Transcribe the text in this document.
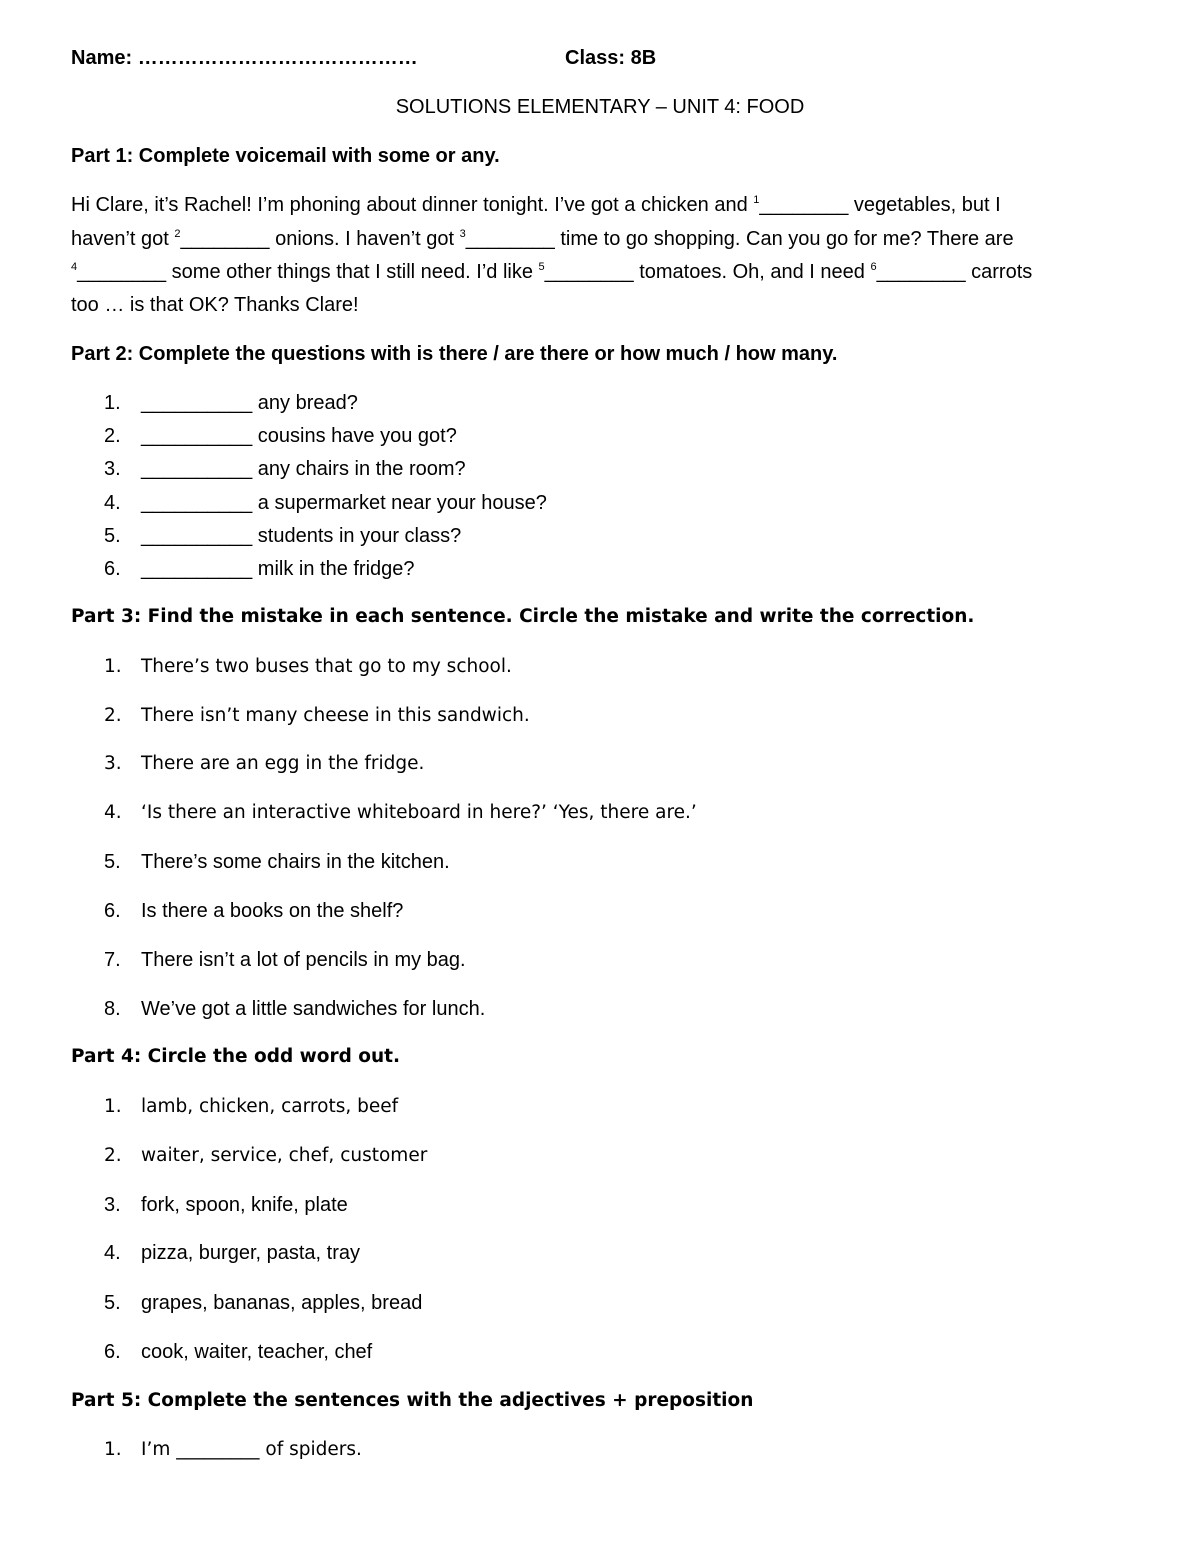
Name: ……………………………………	Class: 8B
SOLUTIONS ELEMENTARY – UNIT 4: FOOD
Part 1: Complete voicemail with some or any.
Hi Clare, it’s Rachel! I’m phoning about dinner tonight. I’ve got a chicken and $^1$________ vegetables, but I
haven’t got $^2$________ onions. I haven’t got $^3$________ time to go shopping. Can you go for me? There are
$^4$________ some other things that I still need. I’d like $^5$________ tomatoes. Oh, and I need $^6$________ carrots
too … is that OK? Thanks Clare!
Part 2: Complete the questions with is there / are there or how much / how many.
1. __________ any bread?
2. __________ cousins have you got?
3. __________ any chairs in the room?
4. __________ a supermarket near your house?
5. __________ students in your class?
6. __________ milk in the fridge?
Part 3: Find the mistake in each sentence. Circle the mistake and write the correction.
1. There’s two buses that go to my school.
2. There isn’t many cheese in this sandwich.
3. There are an egg in the fridge.
4. ‘Is there an interactive whiteboard in here?’ ‘Yes, there are.’
5. There’s some chairs in the kitchen.
6. Is there a books on the shelf?
7. There isn’t a lot of pencils in my bag.
8. We’ve got a little sandwiches for lunch.
Part 4: Circle the odd word out.
1. lamb, chicken, carrots, beef
2. waiter, service, chef, customer
3. fork, spoon, knife, plate
4. pizza, burger, pasta, tray
5. grapes, bananas, apples, bread
6. cook, waiter, teacher, chef
Part 5: Complete the sentences with the adjectives + preposition
1. I’m _________ of spiders.
